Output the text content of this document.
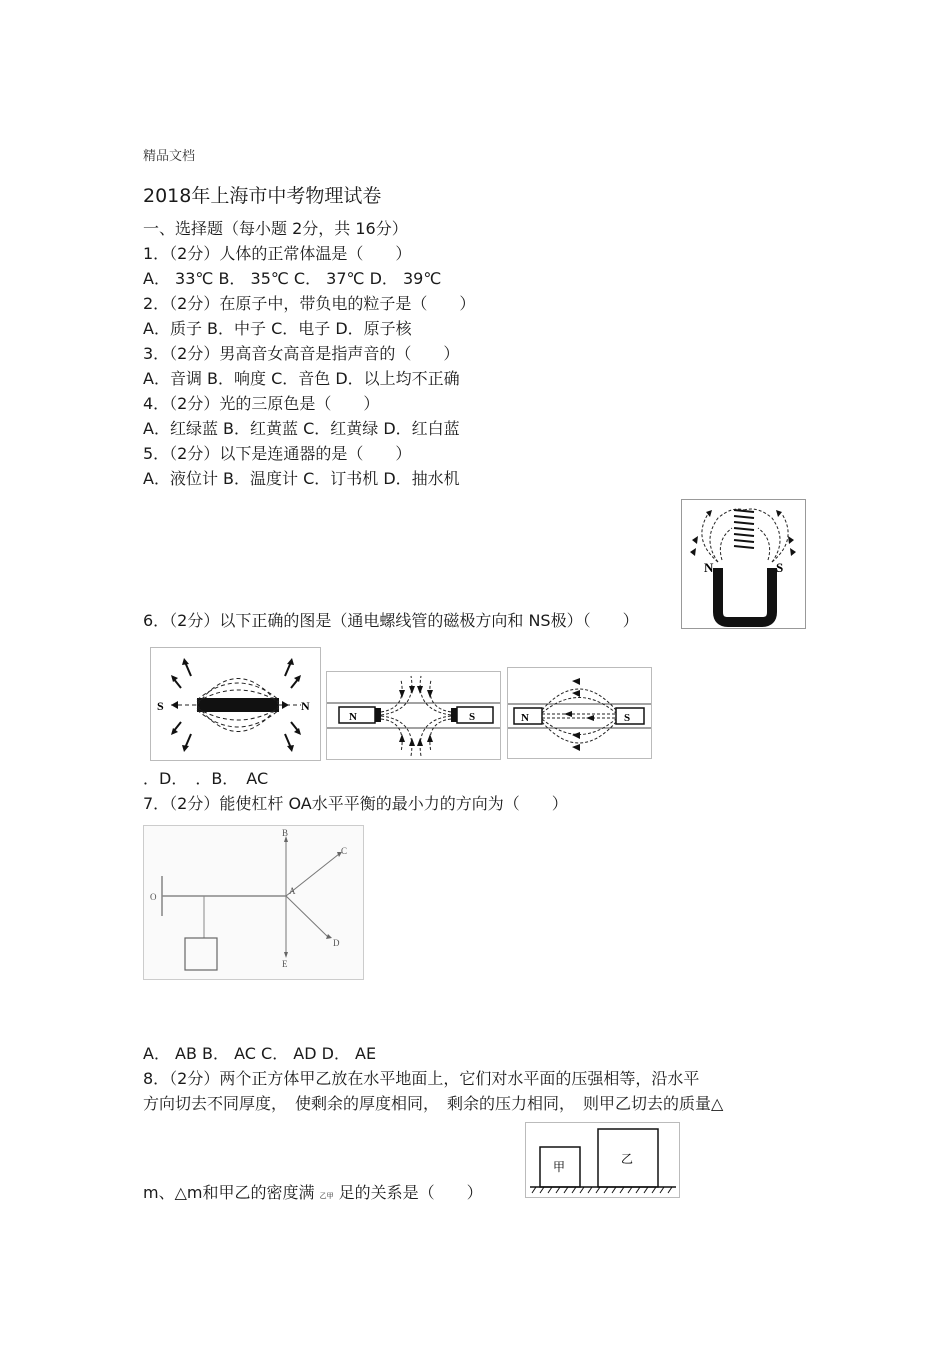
精品文档
2018年上海市中考物理试卷
一、选择题（每小题 2分，共 16分）
1．（2分）人体的正常体温是（　　）
A． 33℃ B． 35℃ C． 37℃ D． 39℃
2．（2分）在原子中，带负电的粒子是（　　）
A．质子 B．中子 C．电子 D．原子核
3．（2分）男高音女高音是指声音的（　　）
A．音调 B．响度 C．音色 D．以上均不正确
4．（2分）光的三原色是（　　）
A．红绿蓝 B．红黄蓝 C．红黄绿 D．红白蓝
5．（2分）以下是连通器的是（　　）
A．液位计 B．温度计 C．订书机 D．抽水机
N	S
6．（2分）以下正确的图是（通电螺线管的磁极方向和 NS极）（　　）
S	N
N	S	N	S
．D．　．B．　AC
7．（2分）能使杠杆 OA水平平衡的最小力的方向为（　　）
O
A
B
C
D
E
A． AB B． AC C． AD D． AE
8．（2分）两个正方体甲乙放在水平地面上，它们对水平面的压强相等，沿水平
方向切去不同厚度，　使剩余的厚度相同，　剩余的压力相同，　则甲乙切去的质量△
甲
乙
m、△m和甲乙的密度满 乙甲 足的关系是（　　）
